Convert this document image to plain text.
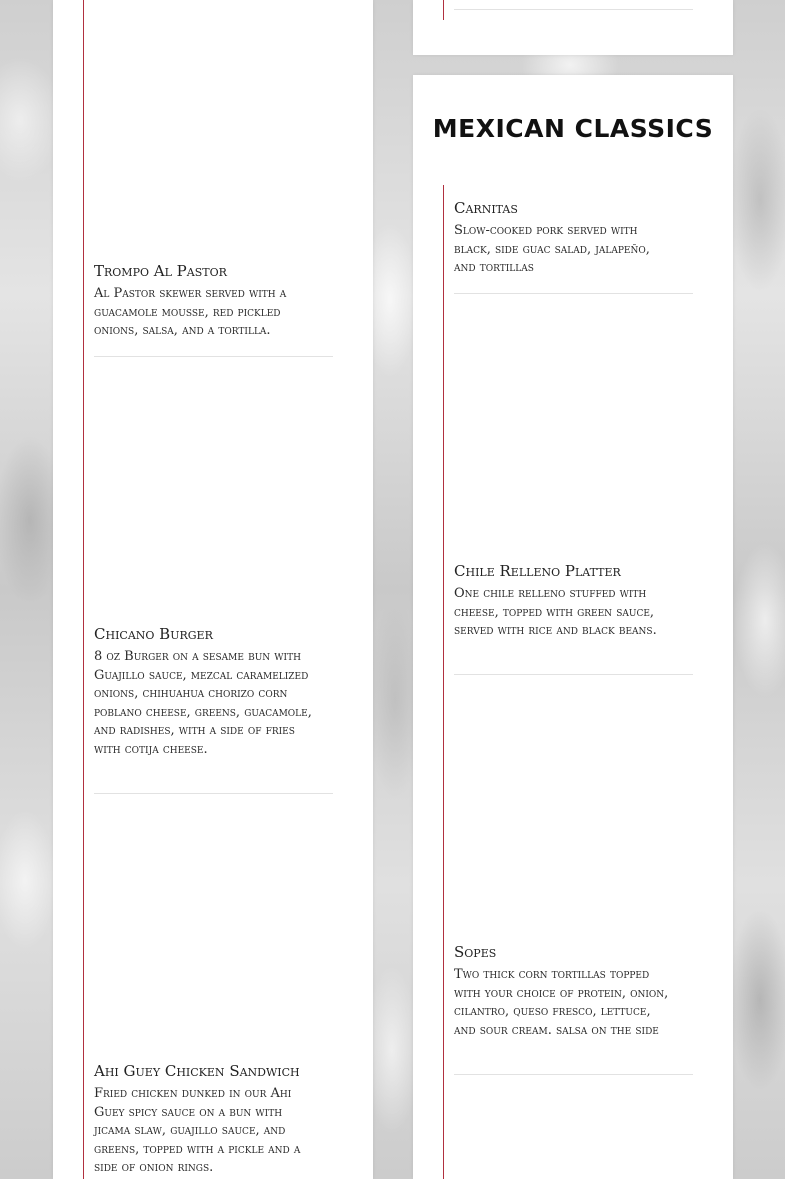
Trompo Al Pastor

Al Pastor skewer served with a guacamole mousse, red pickled onions, salsa, and a tortilla.

Chicano Burger

8 oz Burger on a sesame bun with Guajillo sauce, mezcal caramelized onions, chihuahua chorizo corn poblano cheese, greens, guacamole, and radishes, with a side of fries with cotija cheese.

Ahi Guey Chicken Sandwich

Fried chicken dunked in our Ahi Guey spicy sauce on a bun with jicama slaw, guajillo sauce, and greens, topped with a pickle and a side of onion rings.

MEXICAN CLASSICS

Carnitas

Slow-cooked pork served with black, side guac salad, jalapeño, and tortillas

Chile Relleno Platter

One chile relleno stuffed with cheese, topped with green sauce, served with rice and black beans.

Sopes

Two thick corn tortillas topped with your choice of protein, onion, cilantro, queso fresco, lettuce, and sour cream. salsa on the side
